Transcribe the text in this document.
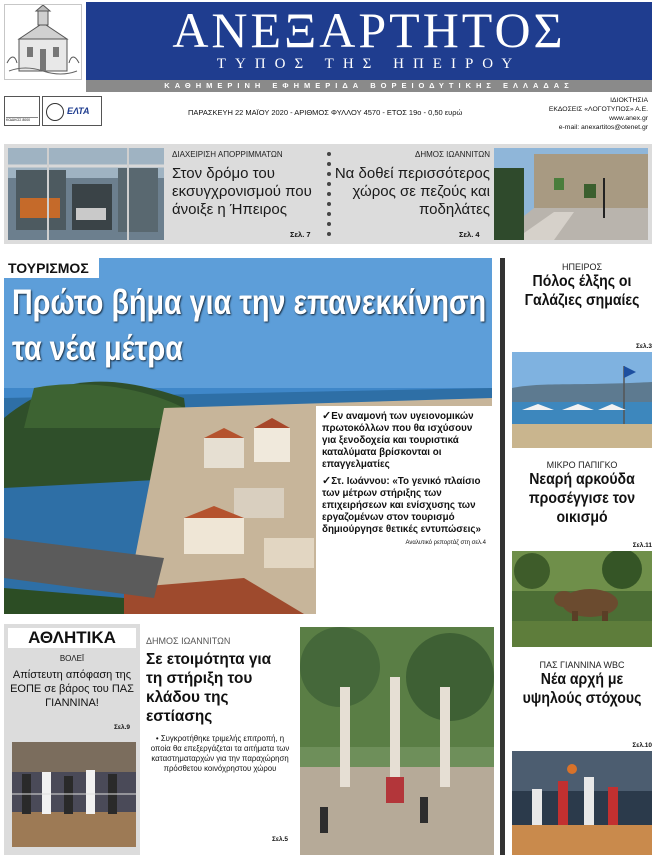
ΑΝΕΞΑΡΤΗΤΟΣ
ΤΥΠΟΣ ΤΗΣ ΗΠΕΙΡΟΥ
ΚΑΘΗΜΕΡΙΝΗ ΕΦΗΜΕΡΙΔΑ ΒΟΡΕΙΟΔΥΤΙΚΗΣ ΕΛΛΑΔΑΣ
ΚΩΔΙΚΟΣ 8000
ΕΛΤΑ	ΠΑΡΑΣΚΕΥΗ 22 ΜΑΪΟΥ 2020 - ΑΡΙΘΜΟΣ ΦΥΛΛΟΥ 4570 - ΕΤΟΣ 19ο - 0,50 ευρώ
ΙΔΙΟΚΤΗΣΙΑ
ΕΚΔΟΣΕΙΣ «ΛΟΓΟΤΥΠΟΣ» Α.Ε.
www.anex.gr
e-mail: anexartitos@otenet.gr
ΔΙΑΧΕΙΡΙΣΗ ΑΠΟΡΡΙΜΜΑΤΩΝ
Στον δρόμο του εκσυγχρονισμού που άνοιξε η Ήπειρος
Σελ. 7
ΔΗΜΟΣ ΙΩΑΝΝΙΤΩΝ
Να δοθεί περισσότερος χώρος σε πεζούς και ποδηλάτες
Σελ. 4
ΤΟΥΡΙΣΜΟΣ
Πρώτο βήμα για την επανεκκίνηση τα νέα μέτρα
✓Εν αναμονή των υγειονομικών πρωτοκόλλων που θα ισχύσουν για ξενοδοχεία και τουριστικά καταλύματα βρίσκονται οι επαγγελματίες
✓Στ. Ιωάννου: «Το γενικό πλαίσιο των μέτρων στήριξης των επιχειρήσεων και ενίσχυσης των εργαζομένων στον τουρισμό δημιούργησε θετικές εντυπώσεις»
Αναλυτικό ρεπορτάζ στη σελ.4
ΗΠΕΙΡΟΣ
Πόλος έλξης οι Γαλάζιες σημαίες
Σελ.3
ΜΙΚΡΟ ΠΑΠΙΓΚΟ
Νεαρή αρκούδα προσέγγισε τον οικισμό
Σελ.11
ΠΑΣ ΓΙΑΝΝΙΝΑ WBC
Νέα αρχή με υψηλούς στόχους
Σελ.10
ΑΘΛΗΤΙΚΑ
ΒΟΛΕΪ
Απίστευτη απόφαση της ΕΟΠΕ σε βάρος του ΠΑΣ ΓΙΑΝΝΙΝΑ!
Σελ.9
ΔΗΜΟΣ ΙΩΑΝΝΙΤΩΝ
Σε ετοιμότητα για τη στήριξη του κλάδου της εστίασης
• Συγκροτήθηκε τριμελής επιτροπή, η οποία θα επεξεργάζεται τα αιτήματα των καταστηματαρχών για την παραχώρηση πρόσθετου κοινόχρηστου χώρου
Σελ.5
